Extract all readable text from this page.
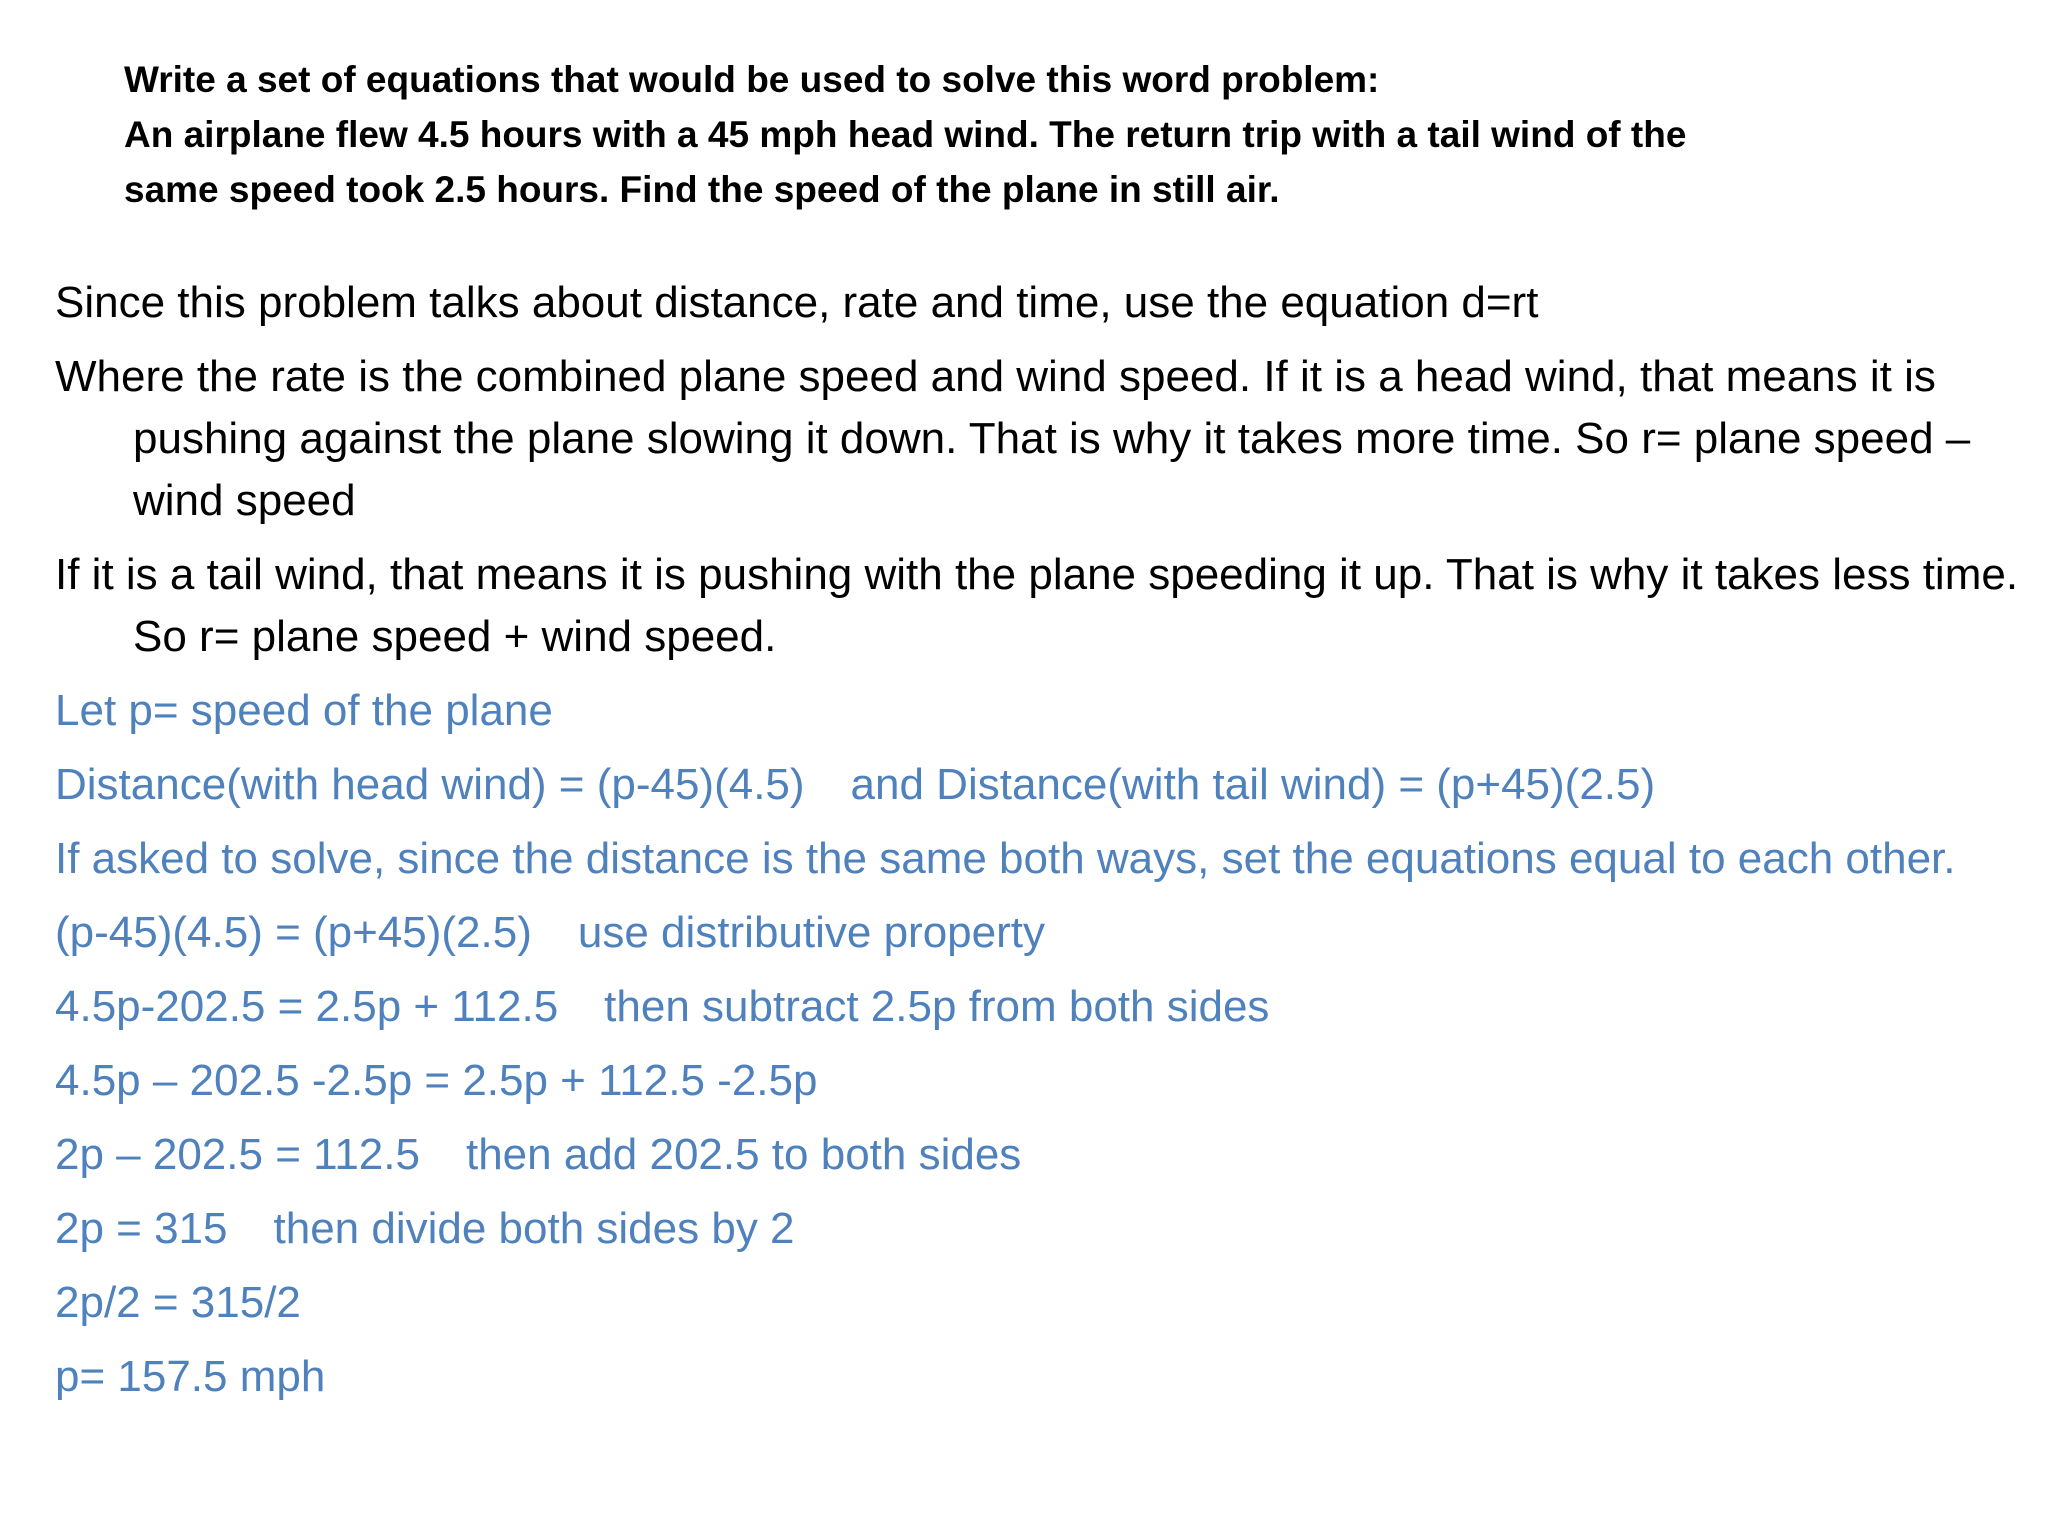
Write a set of equations that would be used to solve this word problem:
An airplane flew 4.5 hours with a 45 mph head wind. The return trip with a tail wind of the
same speed took 2.5 hours. Find the speed of the plane in still air.

Since this problem talks about distance, rate and time, use the equation d=rt

Where the rate is the combined plane speed and wind speed. If it is a head wind, that means it is pushing against the plane slowing it down. That is why it takes more time. So r= plane speed – wind speed

If it is a tail wind, that means it is pushing with the plane speeding it up. That is why it takes less time. So r= plane speed + wind speed.

Let p= speed of the plane

Distance(with head wind) = (p-45)(4.5) and Distance(with tail wind) = (p+45)(2.5)

If asked to solve, since the distance is the same both ways, set the equations equal to each other.

(p-45)(4.5) = (p+45)(2.5) use distributive property

4.5p-202.5 = 2.5p + 112.5 then subtract 2.5p from both sides

4.5p – 202.5 -2.5p = 2.5p + 112.5 -2.5p

2p – 202.5 = 112.5 then add 202.5 to both sides

2p = 315 then divide both sides by 2

2p/2 = 315/2

p= 157.5 mph
